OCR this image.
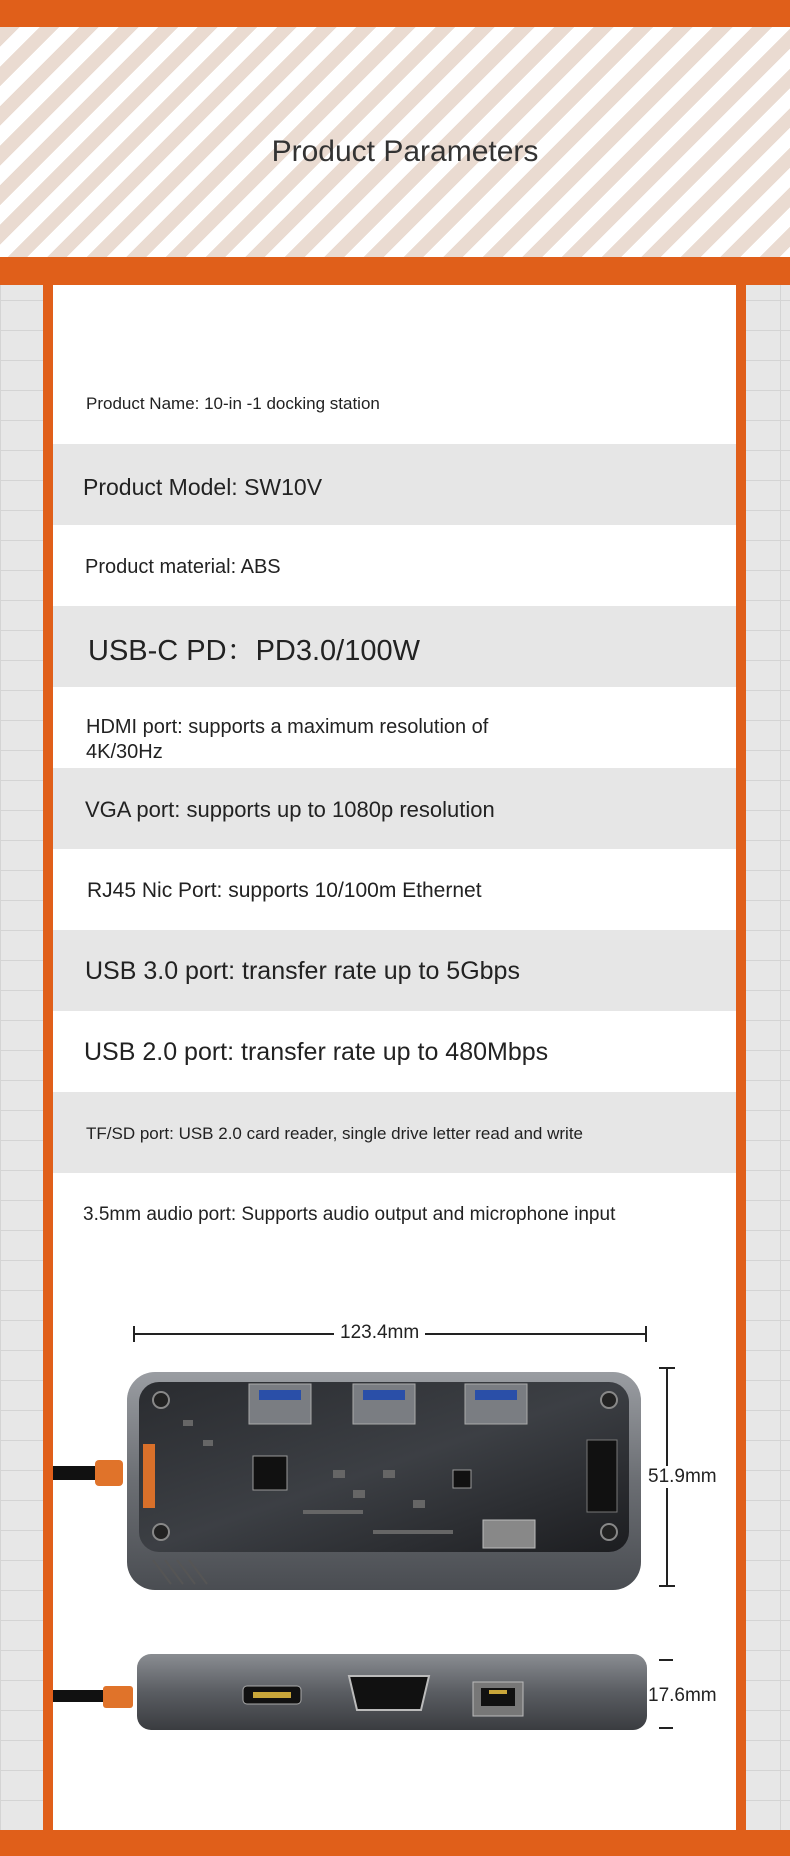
Product Parameters
Product Name: 10-in -1 docking station
Product Model: SW10V
Product material: ABS
USB-C PD：PD3.0/100W
HDMI port: supports a maximum resolution of 4K/30Hz
VGA port: supports up to 1080p resolution
RJ45 Nic Port: supports 10/100m Ethernet
USB 3.0 port: transfer rate up to 5Gbps
USB 2.0 port: transfer rate up to 480Mbps
TF/SD port: USB 2.0 card reader, single drive letter read and write
3.5mm audio port: Supports audio output and microphone input
123.4mm
51.9mm
17.6mm
